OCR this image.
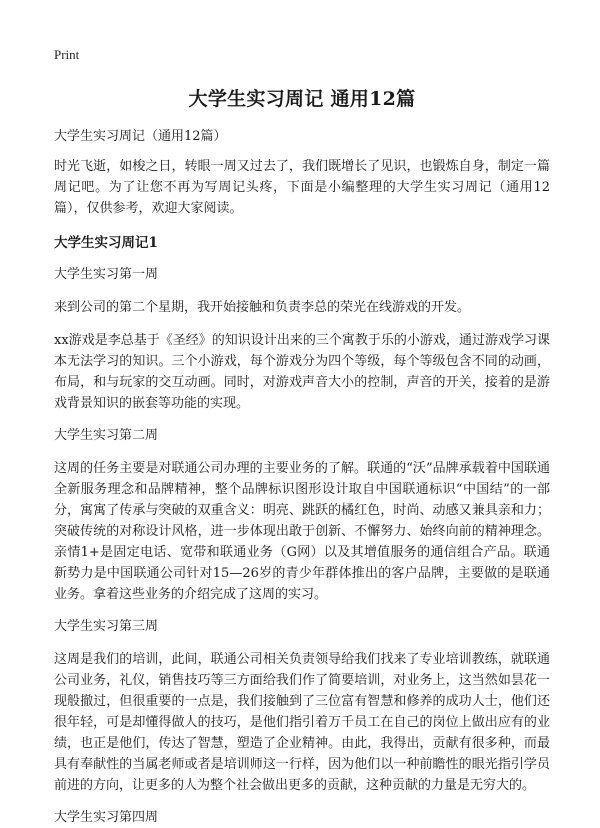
Print
大学生实习周记 通用12篇
大学生实习周记（通用12篇）

时光飞逝，如梭之日，转眼一周又过去了，我们既增长了见识，也锻炼自身，制定一篇周记吧。为了让您不再为写周记头疼，下面是小编整理的大学生实习周记（通用12篇），仅供参考，欢迎大家阅读。

大学生实习周记1
大学生实习第一周

来到公司的第二个星期，我开始接触和负责李总的荣光在线游戏的开发。

xx游戏是李总基于《圣经》的知识设计出来的三个寓教于乐的小游戏，通过游戏学习课本无法学习的知识。三个小游戏，每个游戏分为四个等级，每个等级包含不同的动画，布局，和与玩家的交互动画。同时，对游戏声音大小的控制，声音的开关，接着的是游戏背景知识的嵌套等功能的实现。

大学生实习第二周

这周的任务主要是对联通公司办理的主要业务的了解。联通的“沃”品牌承载着中国联通全新服务理念和品牌精神，整个品牌标识图形设计取自中国联通标识“中国结”的一部分，寓寓了传承与突破的双重含义：明亮、跳跃的橘红色，时尚、动感又兼具亲和力；突破传统的对称设计风格，进一步体现出敢于创新、不懈努力、始终向前的精神理念。亲情1+是固定电话、宽带和联通业务（G网）以及其增值服务的通信组合产品。联通新势力是中国联通公司针对15—26岁的青少年群体推出的客户品牌，主要做的是联通业务。拿着这些业务的介绍完成了这周的实习。

大学生实习第三周

这周是我们的培训，此间，联通公司相关负责领导给我们找来了专业培训教练，就联通公司业务，礼仪，销售技巧等三方面给我们作了简要培训，对业务上，这当然如昙花一现般撤过，但很重要的一点是，我们接触到了三位富有智慧和修养的成功人士，他们还很年轻，可是却懂得做人的技巧，是他们指引着万千员工在自己的岗位上做出应有的业绩，也正是他们，传达了智慧，塑造了企业精神。由此，我得出，贡献有很多种，而最具有奉献性的当属老师或者是培训师这一行样，因为他们以一种前瞻性的眼光指引学员前进的方向，让更多的人为整个社会做出更多的贡献，这种贡献的力量是无穷大的。

大学生实习第四周
